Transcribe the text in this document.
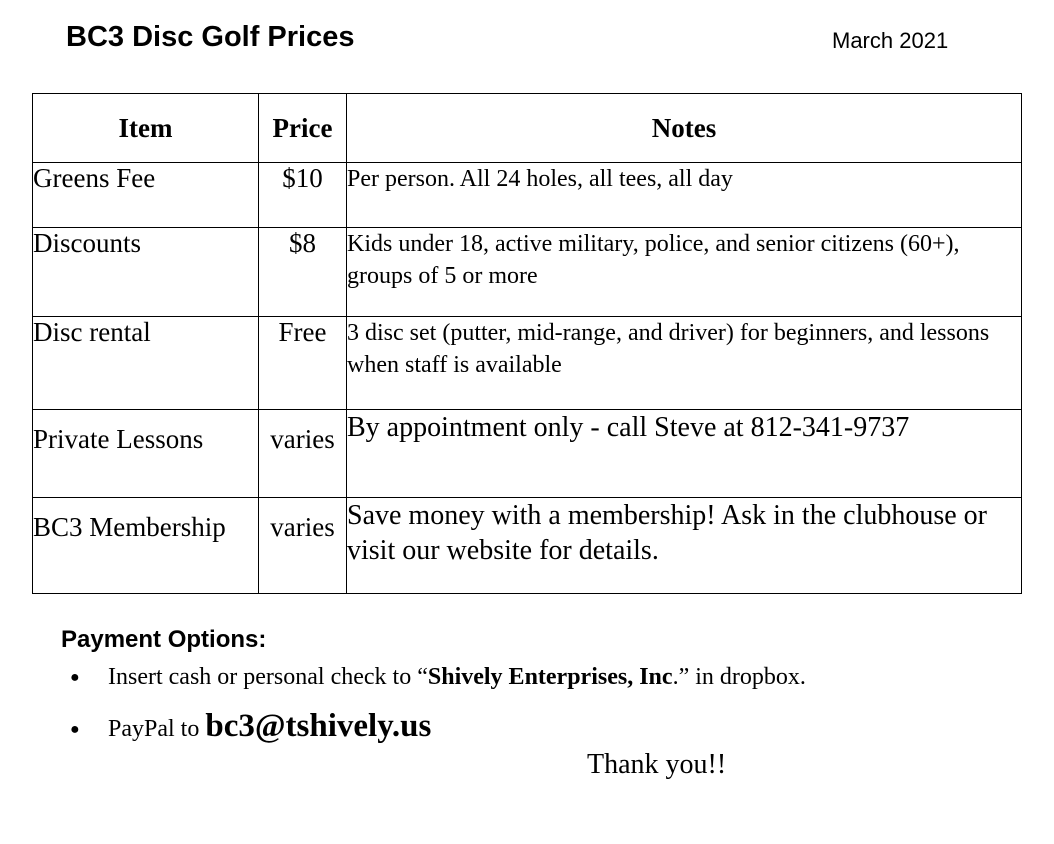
BC3 Disc Golf Prices	March 2021
Item	Price	Notes
Greens Fee	$10	Per person. All 24 holes, all tees, all day
Discounts	$8	Kids under 18, active military, police, and senior citizens (60+), groups of 5 or more
Disc rental	Free	3 disc set (putter, mid-range, and driver) for beginners, and lessons when staff is available
Private Lessons	varies	By appointment only - call Steve at 812-341-9737
BC3 Membership	varies	Save money with a membership! Ask in the clubhouse or visit our website for details.
Payment Options:
● Insert cash or personal check to “Shively Enterprises, Inc.” in dropbox.
● PayPal to bc3@tshively.us
Thank you!!
